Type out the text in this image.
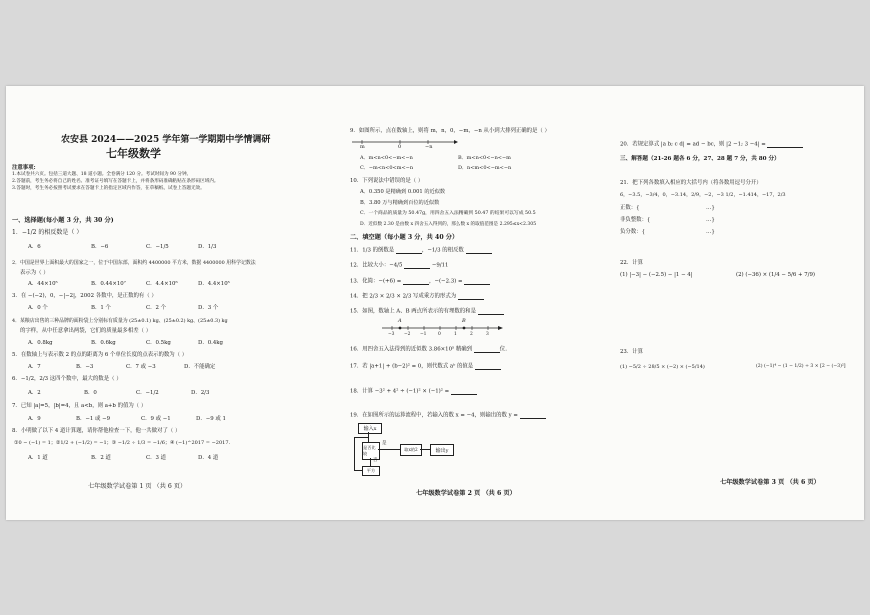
农安县 2024——2025 学年第一学期期中学情调研
七年级数学
注意事项:
1.本试卷共六页。包括三道大题、18 道小题。全卷满分 120 分。考试时间为 90 分钟。
2.答题前，考生务必将自己的姓名、准考证号填写在答题卡上，并将条形码准确粘贴在条形码区域内。
3.答题时，考生务必按照考试要求在答题卡上的指定区域内作答，在草稿纸、试卷上答题无效。
一、选择题(每小题 3 分，共 30 分)
1．−1/2 的相反数是（ ）
A．6	B．−6	C．−1/5	D．1/3
2．中国是世界上面积最大的国家之一，位于中国东部，面积约 4400000 平方米，数据 4400000 用科学记数法
表示为（ ）
A．44×10⁵	B．0.44×10⁷	C．4.4×10⁶	D．4.4×10⁵
3．在 −(−2)，0，−|−2|，2002 各数中，是正数的有（ ）
A．0 个	B．1 个	C．2 个	D．3 个
4．某粮店出售的三种品牌的面粉袋上分别标有质量为 (25±0.1) kg、(25±0.2) kg、(25±0.3) kg
的字样，从中任意拿出两袋，它们的质量最多相差（ ）
A．0.8kg	B．0.6kg	C．0.5kg	D．0.4kg
5．在数轴上与表示数 2 的点的距离为 6 个单位长度的点表示的数为（ ）
A．7	B．−3	C．7 或 −3	D．不能确定
6．−1/2，2/3 这四个数中，最大的数是（ ）
A．2	B．0	C．−1/2	D．2/3
7．已知 |a|=5，|b|=4，且 a<b，则 a+b 的值为（ ）
A．9	B．−1 或 −9	C．9 或 −1	D．−9 或 1
8．小明做了以下 4 道计算题，请你帮他检查一下，他一共做对了（ ）
①0 − (−1) = 1；②1/2 + (−1/2) = −1；③ −1/2 ÷ 1/3 = −1/6；④ (−1)^2017 = −2017.
A．1 道	B．2 道	C．3 道	D．4 道
七年级数学试卷第 1 页 （共 6 页）
9．如图所示，点在数轴上，则将 m，n，0，−m，−n 从小到大排列正确的是（ ）
m	0	−n
A．m<n<0<−m<−n	B．m<n<0<−n<−m
C．−m<n<0<m<−n	D．n<m<0<−m<−n
10．下列说法中错误的是（ ）
A．0.350 是精确到 0.001 的近似数
B．3.80 万与精确到百位的近似数
C．一个商品的质量为 50.47g，用四舍五入法精确到 50.47 的结果可以写成 50.5
D．近似数 2.30 是由数 x 四舍五入得到的，那么数 x 的取值范围是 2.295≤x<2.305
二、填空题（每小题 3 分，共 40 分）
11．1/3 的倒数是	，−1/3 的相反数
12．比较大小：−4/5	−9/11
13．化简：−(+6) =	，−(−2.3) =
14．把 2/3 × 2/3 × 2/3 写成乘方的形式为
15．如图，数轴上 A、B 两点所表示的有理数的和是
A	B
−3 −2 −1	0	1	2	3
16．用四舍五入法得到的近似数 3.86×10⁵ 精确到	位.
17．若 |a+1| + (b−2)² = 0，则代数式 aᵇ 的值是
18．计算 −3² + 4² ÷ (−1)² × (−1)² =
19．在如图所示的运算流程中，若输入的数 x = −4，则输出的数 y =
输入x
是否比较
是
取x的2	输出y
否
平方
七年级数学试卷第 2 页 （共 6 页）
20．若规定算式 |a b; c d| = ad − bc，则 |2 −1; 3 −4| =
三、解答题（21-26 题各 6 分，27、28 题 7 分，共 80 分）
21．把下列各数填入相应的大括号内（将各数用逗号分开）
6，−3.5，−3/4，0，−3.14，2/9，−2，−3 1/2，−1.414，−17，2/3
正数：{	…}
非负整数：{	…}
负分数：{	…}
22．计算
(1) |−3| − (−2.5) − |1 − 4|	(2) (−36) × (1/4 − 5/6 + 7/9)
23．计算
(1) −5/2 ÷ 28/5 × (−2) × (−5/14)	(2) (−1)⁴ − (1 − 1/2) ÷ 3 × [2 − (−3)²]
七年级数学试卷第 3 页 （共 6 页）
